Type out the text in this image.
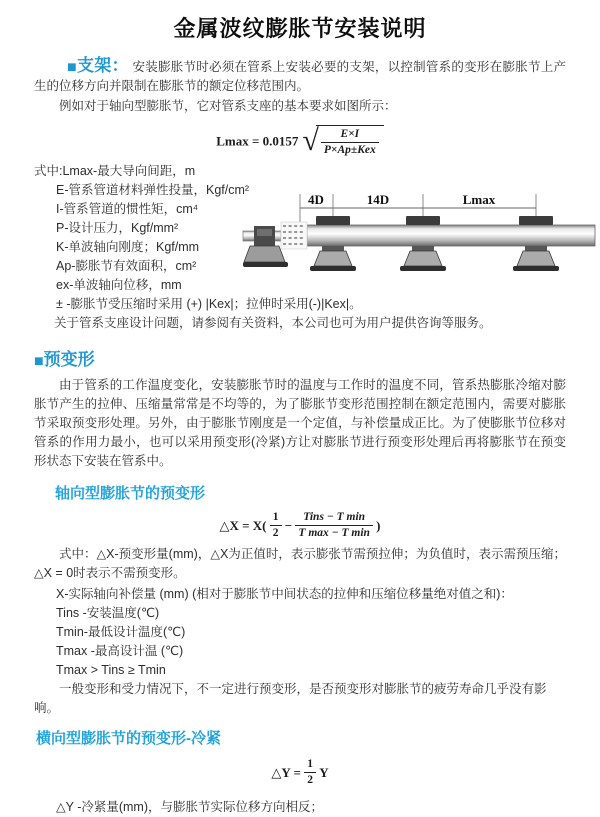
金属波纹膨胀节安装说明

■支架： 安装膨胀节时必须在管系上安装必要的支架，以控制管系的变形在膨胀节上产生的位移方向并限制在膨胀节的额定位移范围内。

例如对于轴向型膨胀节，它对管系支座的基本要求如图所示：

Lmax = 0.0157 √ $\frac{E\times I}{\text{P×Ap±Kex}}$
式中:Lmax-最大导向间距，m
E-管系管道材料弹性投量，Kgf/cm²
I-管系管道的惯性矩，cm⁴
P-设计压力，Kgf/mm²
K-单波轴向刚度；Kgf/mm
Ap-膨胀节有效面积，cm²
ex-单波轴向位移，mm
± -膨胀节受压缩时采用 (+) |Kex|；拉伸时采用(-)|Kex|。

关于管系支座设计问题，请参阅有关资料，本公司也可为用户提供咨询等服务。

■预变形

由于管系的工作温度变化，安装膨胀节时的温度与工作时的温度不同，管系热膨胀冷缩对膨胀节产生的拉伸、压缩量常常是不均等的，为了膨胀节变形范围控制在额定范围内，需要对膨胀节采取预变形处理。另外，由于膨胀节刚度是一个定值，与补偿量成正比。为了使膨胀节位移对管系的作用力最小，也可以采用预变形(冷紧)方让对膨胀节进行预变形处理后再将膨胀节在预变形状态下安装在管系中。

轴向型膨胀节的预变形
△X = $X( \frac{1}{2} - \frac{\text{Tins − T min}}{\text{T max − T min}}$ )

式中：△X-预变形量(mm)，△X为正值时，表示膨张节需预拉伸；为负值时，表示需预压缩；△X = 0时表示不需预变形。

X-实际轴向补偿量 (mm) (相对于膨胀节中间状态的拉伸和压缩位移量绝对值之和)：
Tins -安装温度(℃)
Tmin-最低设计温度(℃)
Tmax -最高设计温 (℃)
Tmax > Tins ≥ Tmin

一般变形和受力情况下，不一定进行预变形，是否预变形对膨胀节的疲劳寿命几乎没有影响。

横向型膨胀节的预变形-冷紧
△Y = $\frac{1}{2}$ Y

△Y -冷紧量(mm)，与膨胀节实际位移方向相反；

4D	14D	Lmax
